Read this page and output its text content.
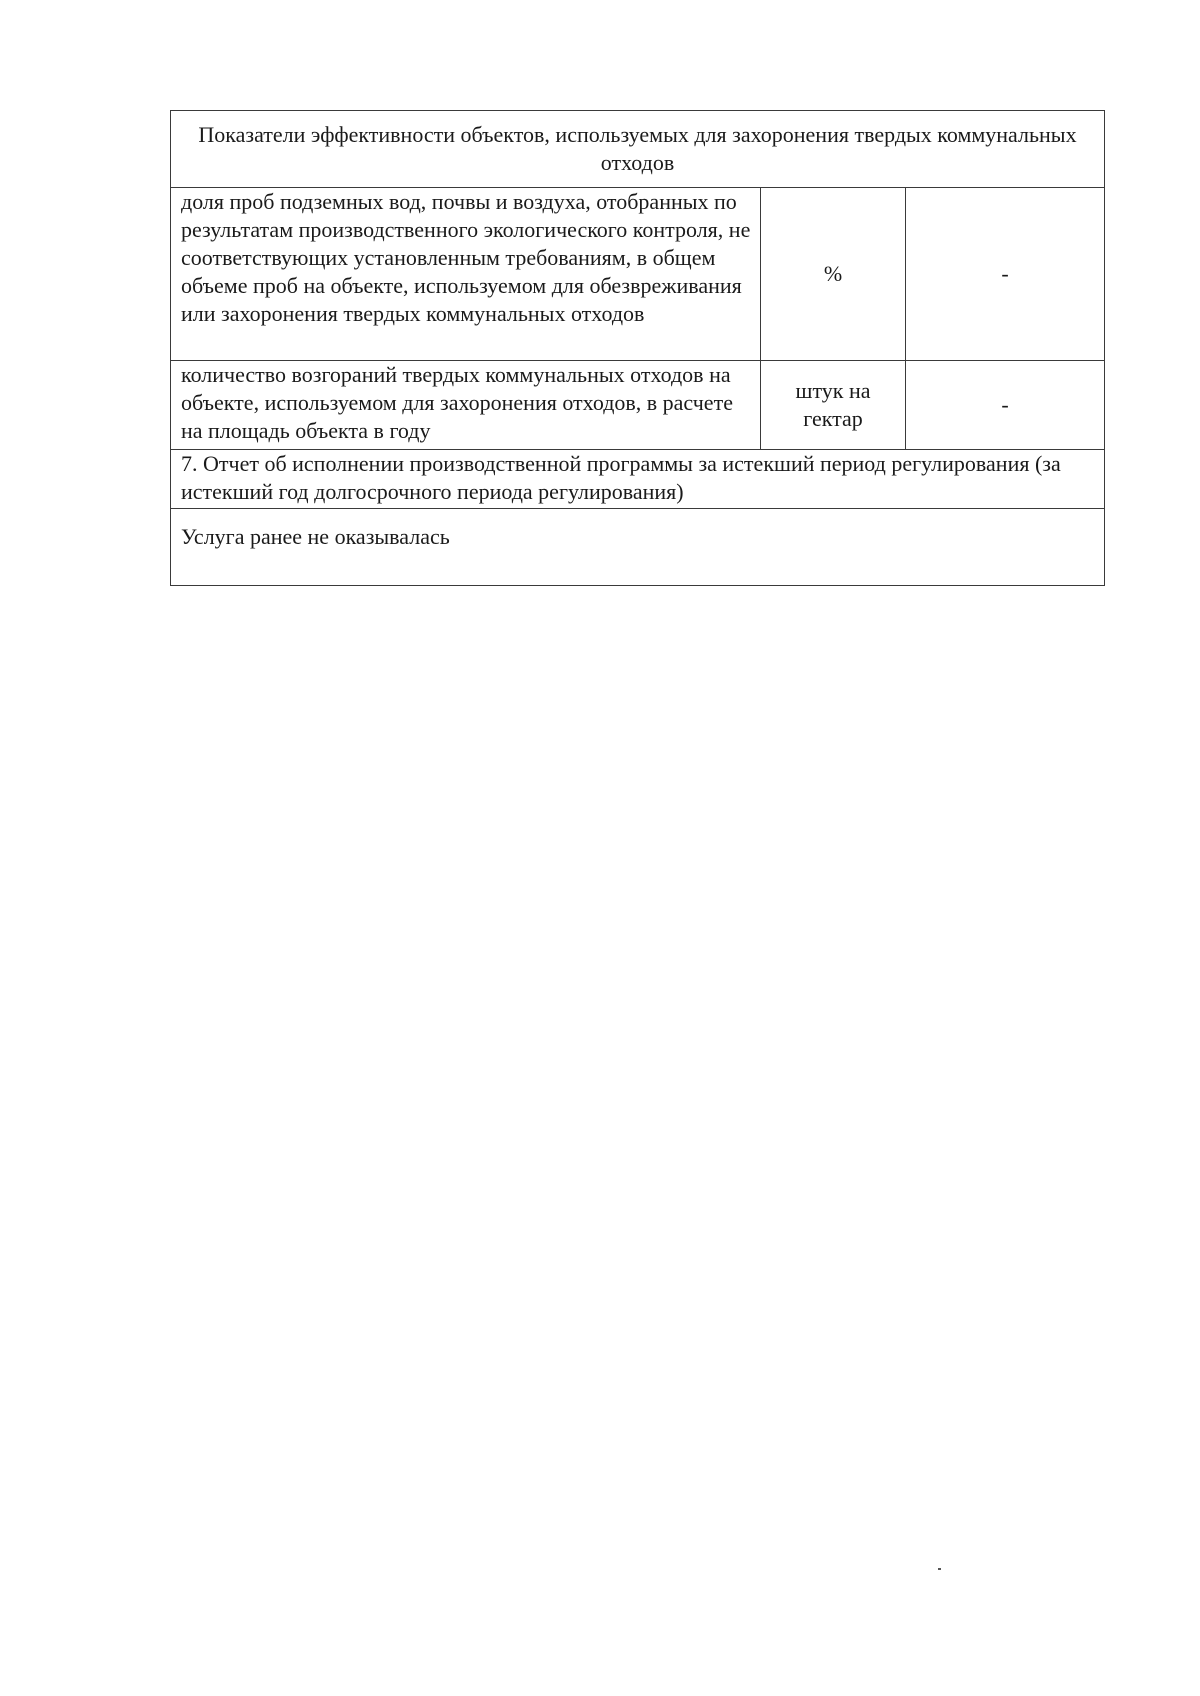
Показатели эффективности объектов, используемых для захоронения твердых коммунальных отходов		
доля проб подземных вод, почвы и воздуха, отобранных по результатам производственного экологического контроля, не соответствующих установленным требованиям, в общем объеме проб на объекте, используемом для обезвреживания или захоронения твердых коммунальных отходов	%	-
количество возгораний твердых коммунальных отходов на объекте, используемом для захоронения отходов, в расчете на площадь объекта в году	штук на гектар	-
7. Отчет об исполнении производственной программы за истекший период регулирования (за истекший год долгосрочного периода регулирования)		
Услуга ранее не оказывалась		
